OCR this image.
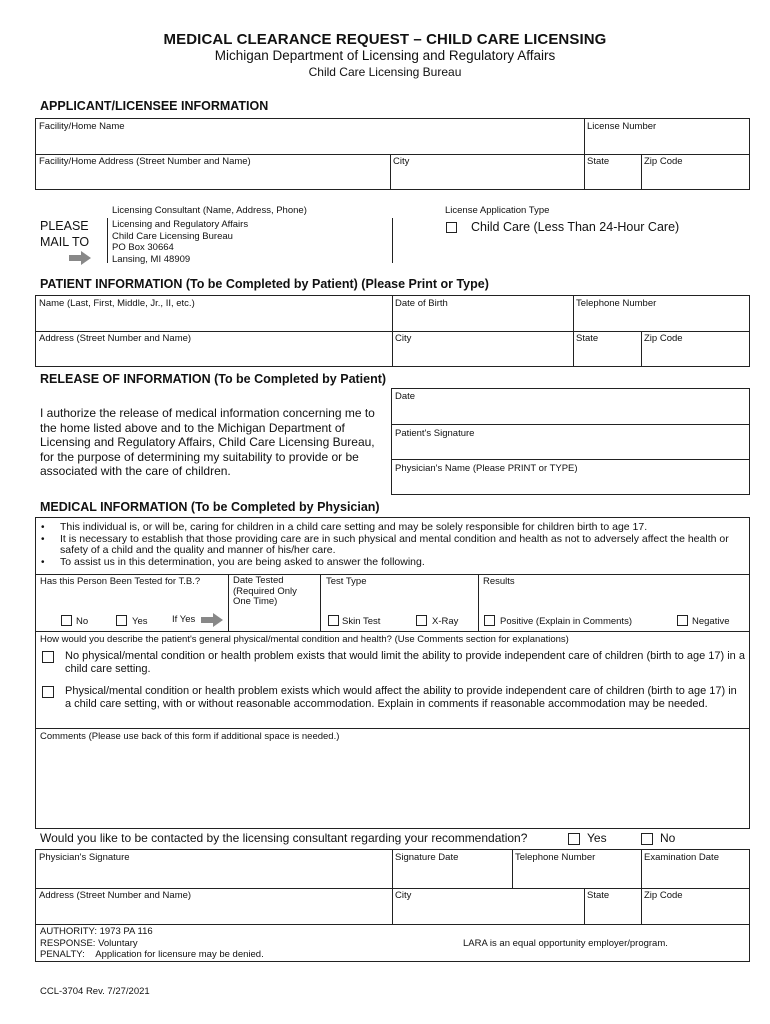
MEDICAL CLEARANCE REQUEST – CHILD CARE LICENSING
Michigan Department of Licensing and Regulatory Affairs
Child Care Licensing Bureau
APPLICANT/LICENSEE INFORMATION
Facility/Home Name	License Number
Facility/Home Address (Street Number and Name)	City	State	Zip Code
PLEASE
MAIL TO
Licensing Consultant (Name, Address, Phone)
Licensing and Regulatory Affairs
Child Care Licensing Bureau
PO Box 30664
Lansing, MI 48909
License Application Type
Child Care (Less Than 24-Hour Care)
PATIENT INFORMATION (To be Completed by Patient) (Please Print or Type)
Name (Last, First, Middle, Jr., II, etc.)	Date of Birth	Telephone Number
Address (Street Number and Name)	City	State	Zip Code
RELEASE OF INFORMATION (To be Completed by Patient)
I authorize the release of medical information concerning me to the home listed above and to the Michigan Department of Licensing and Regulatory Affairs, Child Care Licensing Bureau, for the purpose of determining my suitability to provide or be associated with the care of children.
Date
Patient's Signature
Physician's Name (Please PRINT or TYPE)
MEDICAL INFORMATION (To be Completed by Physician)
• This individual is, or will be, caring for children in a child care setting and may be solely responsible for children birth to age 17.
• It is necessary to establish that those providing care are in such physical and mental condition and health as not to adversely affect the health or safety of a child and the quality and manner of his/her care.
• To assist us in this determination, you are being asked to answer the following.
Has this Person Been Tested for T.B.?
No	Yes	If Yes
Date Tested
(Required Only
One Time)
Test Type
Skin Test	X-Ray
Results
Positive (Explain in Comments)	Negative
How would you describe the patient's general physical/mental condition and health? (Use Comments section for explanations)
No physical/mental condition or health problem exists that would limit the ability to provide independent care of children (birth to age 17) in a child care setting.
Physical/mental condition or health problem exists which would affect the ability to provide independent care of children (birth to age 17) in a child care setting, with or without reasonable accommodation. Explain in comments if reasonable accommodation may be needed.
Comments (Please use back of this form if additional space is needed.)
Would you like to be contacted by the licensing consultant regarding your recommendation?	Yes	No
Physician's Signature	Signature Date	Telephone Number	Examination Date
Address (Street Number and Name)	City	State	Zip Code
AUTHORITY: 1973 PA 116
RESPONSE: Voluntary
PENALTY: Application for licensure may be denied.
LARA is an equal opportunity employer/program.
CCL-3704 Rev. 7/27/2021
